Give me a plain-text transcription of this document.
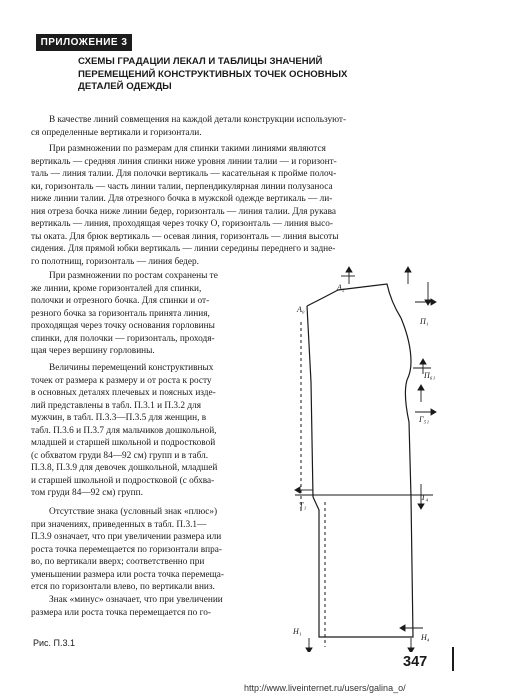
ПРИЛОЖЕНИЕ 3
СХЕМЫ ГРАДАЦИИ ЛЕКАЛ И ТАБЛИЦЫ ЗНАЧЕНИЙ
ПЕРЕМЕЩЕНИЙ КОНСТРУКТИВНЫХ ТОЧЕК ОСНОВНЫХ
ДЕТАЛЕЙ ОДЕЖДЫ
В качестве линий совмещения на каждой детали конструкции используют-
ся определенные вертикали и горизонтали.
При размножении по размерам для спинки такими линиями являются
вертикаль — средняя линия спинки ниже уровня линии талии — и горизонт-
таль — линия талии. Для полочки вертикаль — касательная к пройме полоч-
ки, горизонталь — часть линии талии, перпендикулярная линии полузаноса
ниже линии талии. Для отрезного бочка в мужской одежде вертикаль — ли-
ния отреза бочка ниже линии бедер, горизонталь — линия талии. Для рукава
вертикаль — линия, проходящая через точку О, горизонталь — линия высо-
ты оката. Для брюк вертикаль — осевая линия, горизонталь — линия высоты
сидения. Для прямой юбки вертикаль — линии середины переднего и задне-
го полотнищ, горизонталь — линия бедер.
При размножении по ростам сохранены те
же линии, кроме горизонталей для спинки,
полочки и отрезного бочка. Для спинки и от-
резного бочка за горизонталь принята линия,
проходящая через точку основания горловины
спинки, для полочки — горизонталь, проходя-
щая через вершину горловины.
Величины перемещений конструктивных
точек от размера к размеру и от роста к росту
в основных деталях плечевых и поясных изде-
лий представлены в табл. П.3.1 и П.3.2 для
мужчин, в табл. П.3.3—П.3.5 для женщин, в
табл. П.3.6 и П.3.7 для мальчиков дошкольной,
младшей и старшей школьной и подростковой
(с обхватом груди 84—92 см) групп и в табл.
П.3.8, П.3.9 для девочек дошкольной, младшей
и старшей школьной и подростковой (с обхва-
том груди 84—92 см) групп.
Отсутствие знака (условный знак «плюс»)
при значениях, приведенных в табл. П.3.1—
П.3.9 означает, что при увеличении размера или
роста точка перемещается по горизонтали впра-
во, по вертикали вверх; соответственно при
уменьшении размера или роста точка перемеща-
ется по горизонтали влево, по вертикали вниз.
Знак «минус» означает, что при увеличении
размера или роста точка перемещается по го-
A₂
A₀
П₁
П₆₁
Г₅₁
Т₁
Т₄
Н₁
Н₄
Рис. П.3.1
347
http://www.liveinternet.ru/users/galina_o/
